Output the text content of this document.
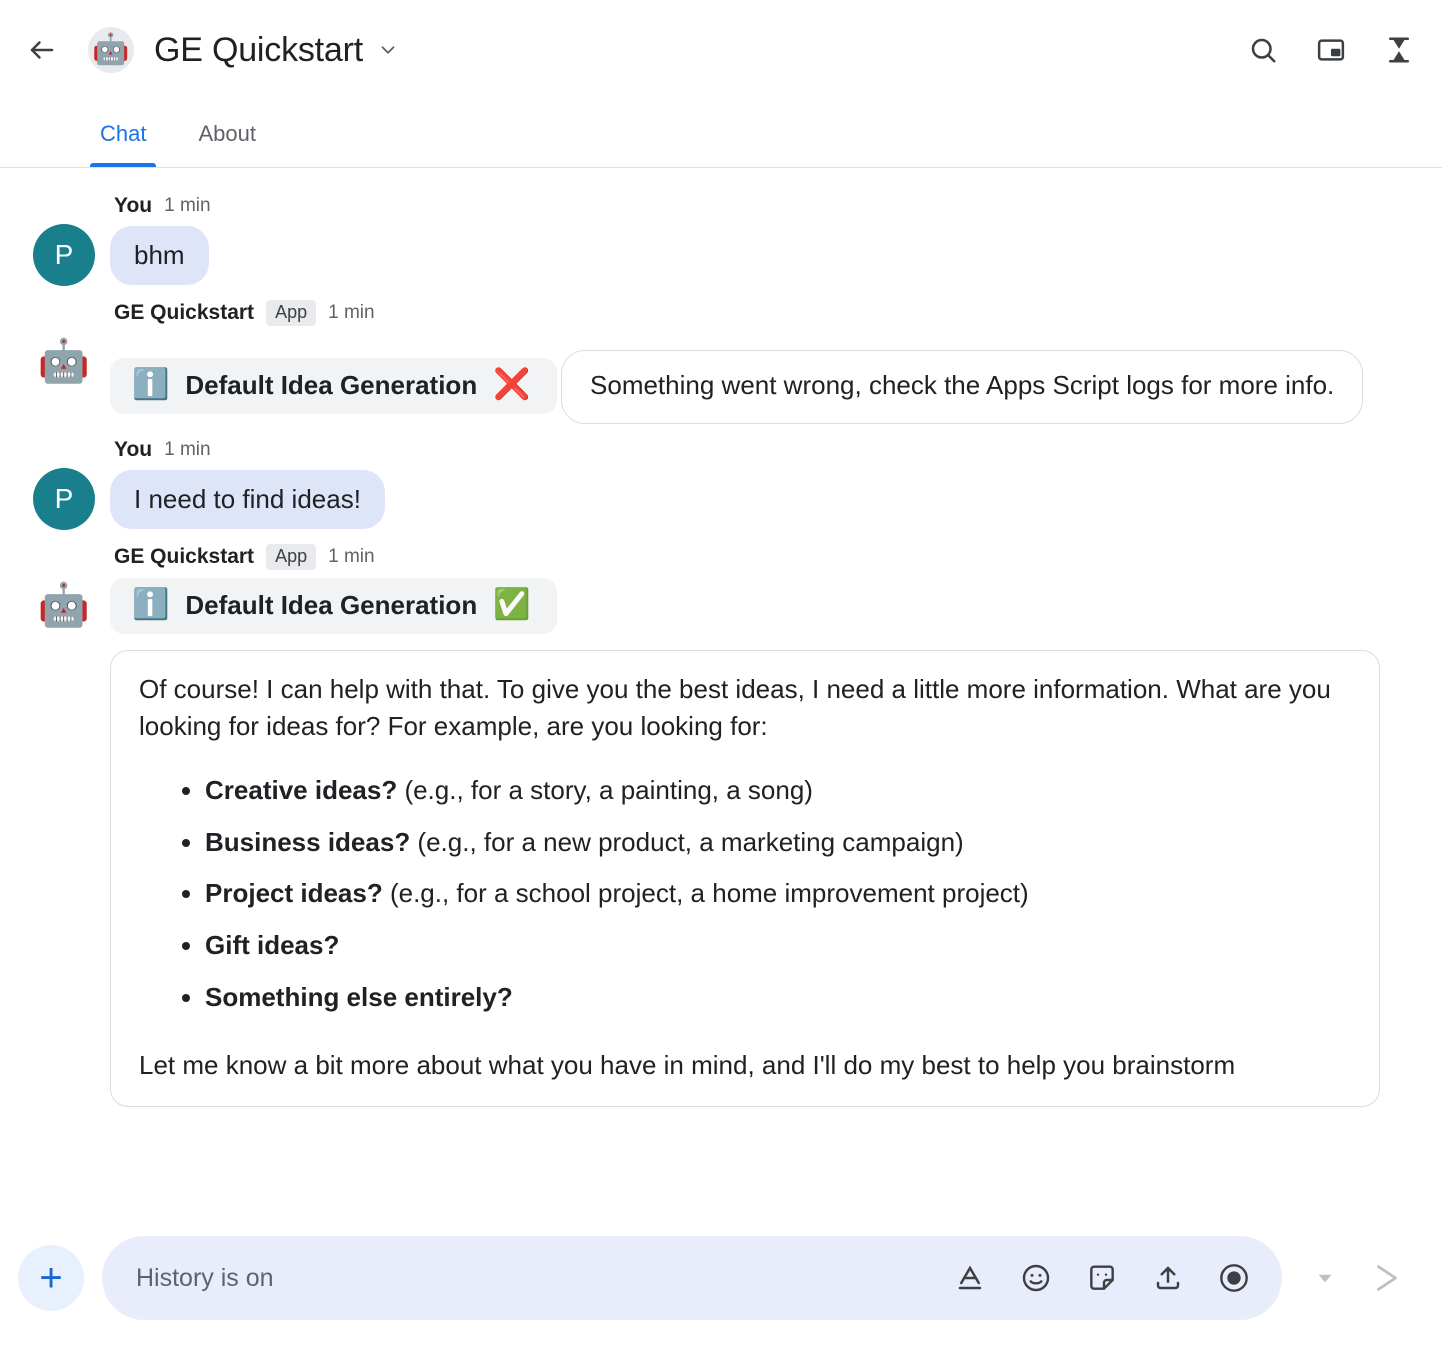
🤖 GE Quickstart
Chat About
P
You 1 min
bhm
🤖
GE Quickstart	App	1 min
ℹ️ Default Idea Generation ❌
Something went wrong, check the Apps Script logs for more info.

P
You 1 min
I need to find ideas!
🤖
GE Quickstart	App	1 min
ℹ️ Default Idea Generation ✅

Of course! I can help with that. To give you the best ideas, I need a little more information. What are you looking for ideas for? For example, are you looking for:

• Creative ideas? (e.g., for a story, a painting, a song)
• Business ideas? (e.g., for a new product, a marketing campaign)
• Project ideas? (e.g., for a school project, a home improvement project)
• Gift ideas?
• Something else entirely?

Let me know a bit more about what you have in mind, and I'll do my best to help you brainstorm

+	History is on
